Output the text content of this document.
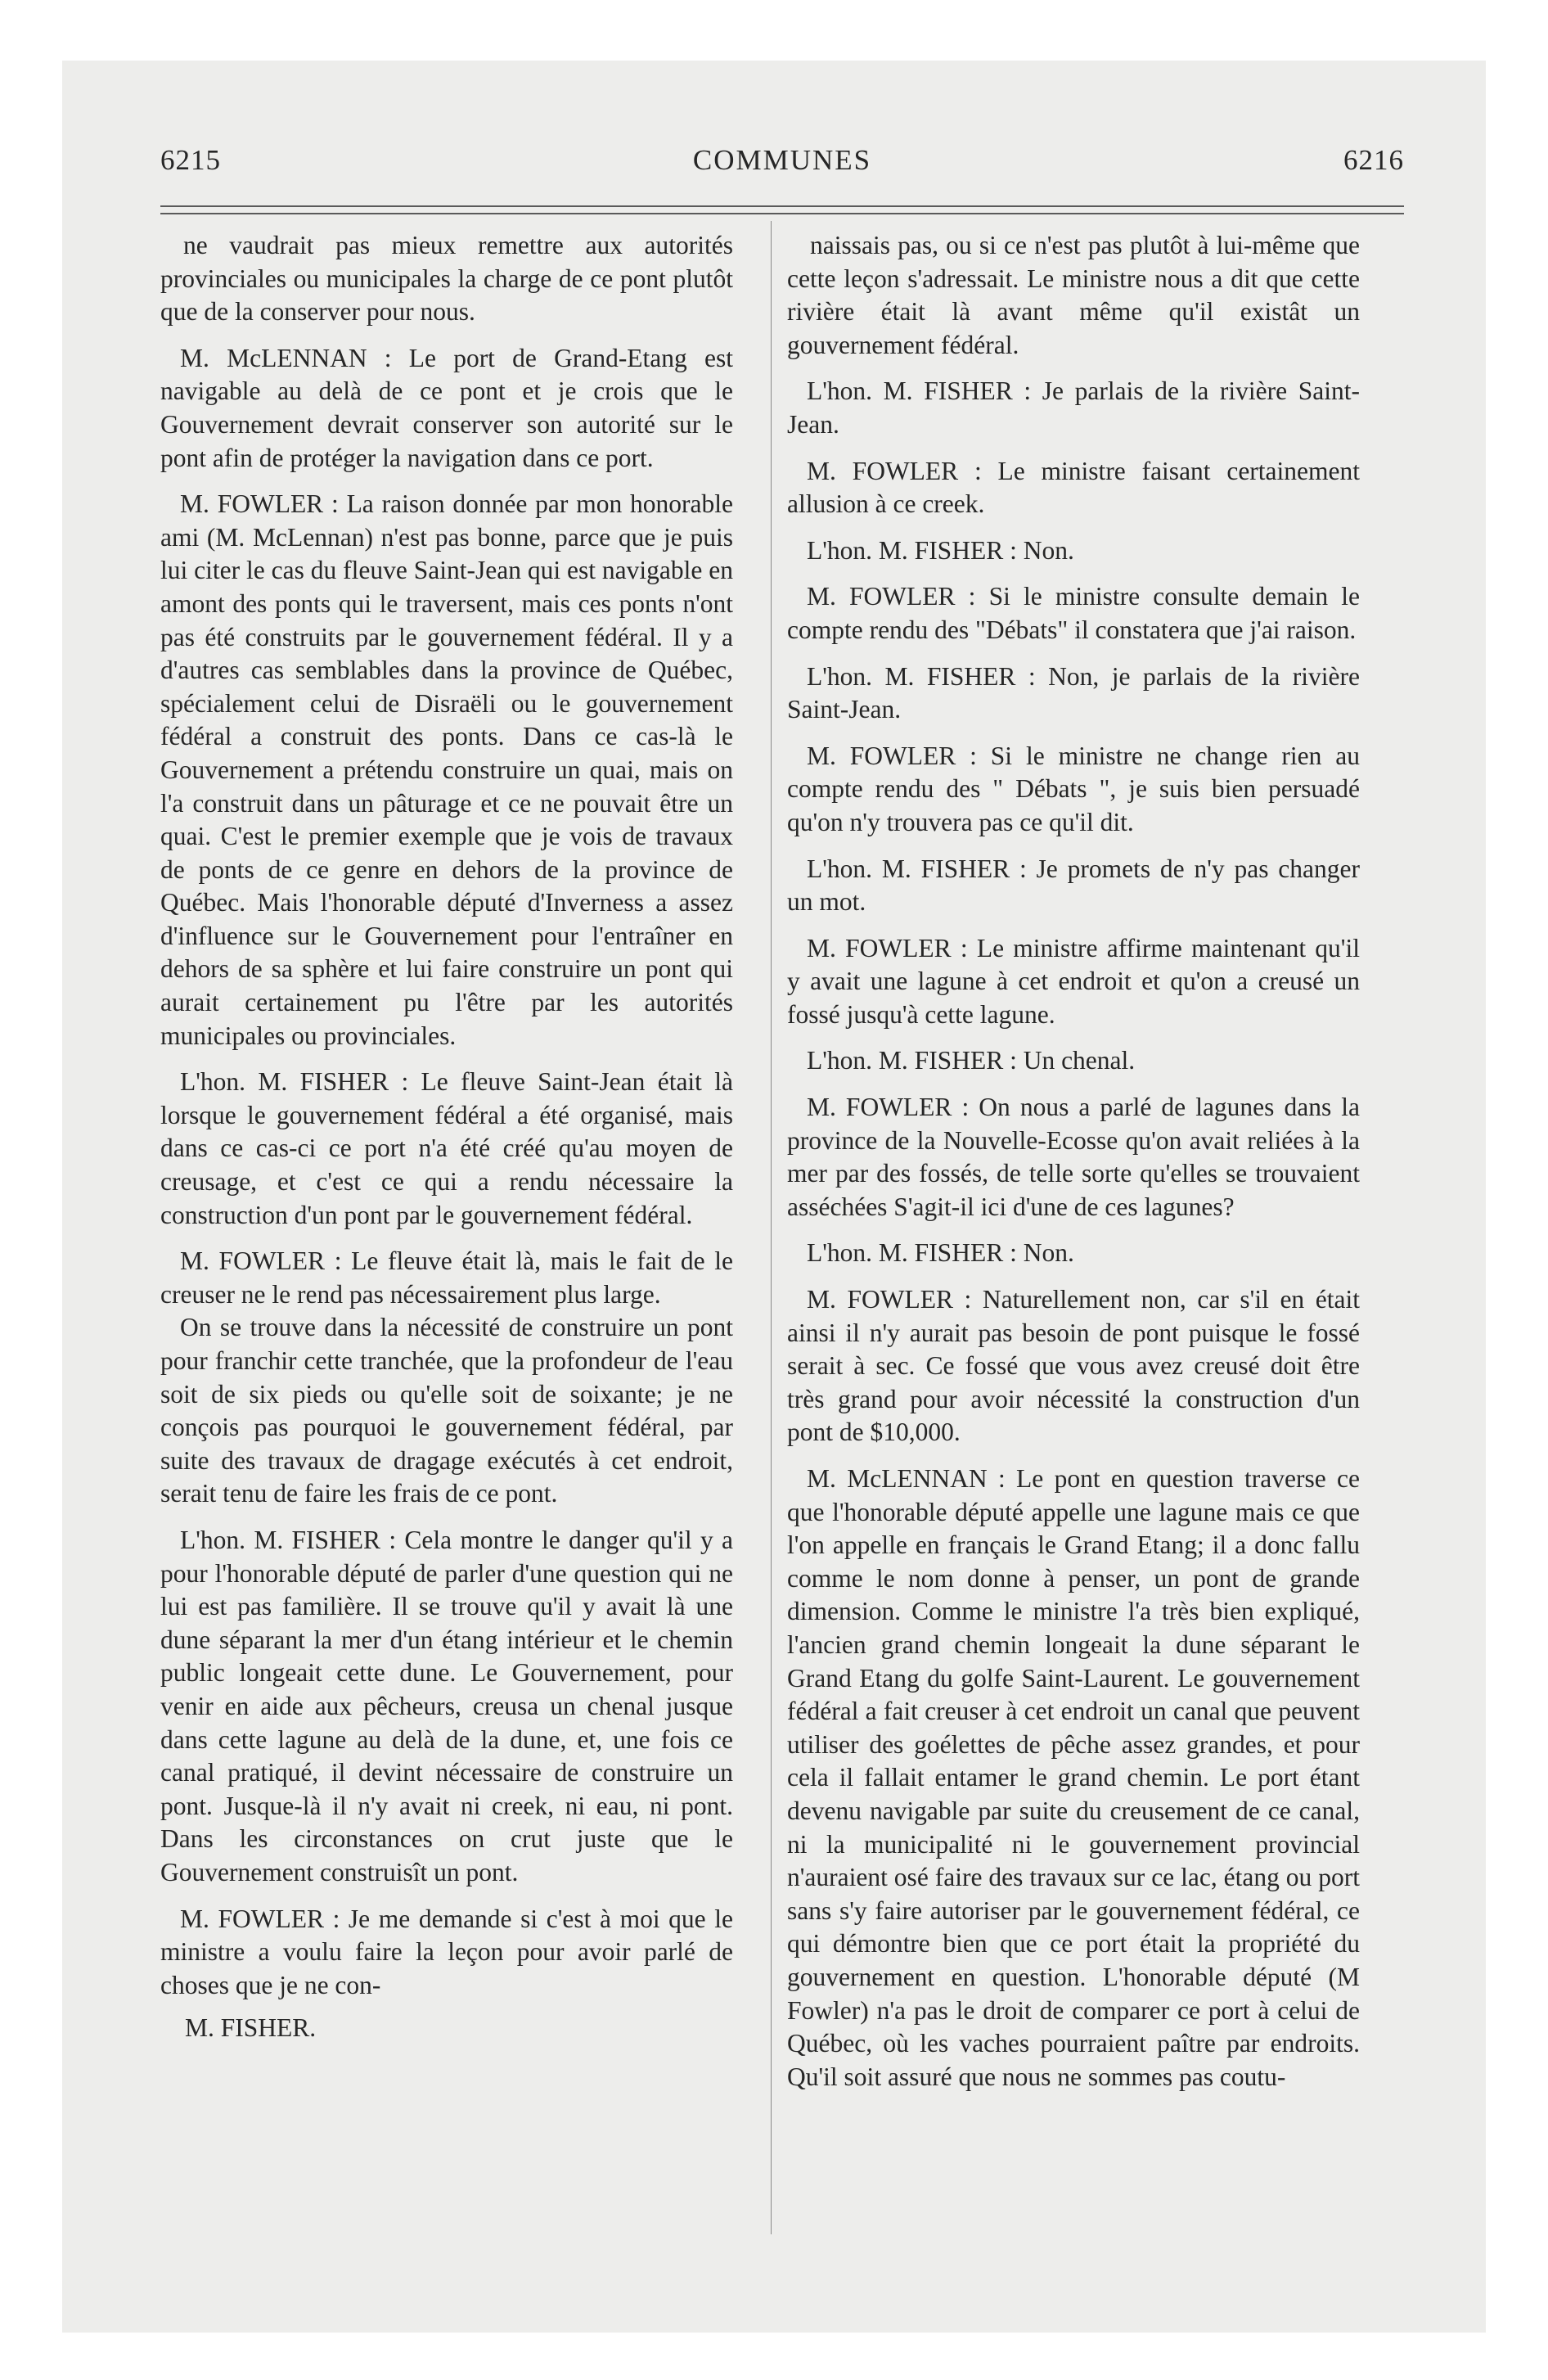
6215	COMMUNES	6216

ne vaudrait pas mieux remettre aux autorités provinciales ou municipales la charge de ce pont plutôt que de la conserver pour nous.

M. McLENNAN : Le port de Grand-Etang est navigable au delà de ce pont et je crois que le Gouvernement devrait conserver son autorité sur le pont afin de protéger la navigation dans ce port.

M. FOWLER : La raison donnée par mon honorable ami (M. McLennan) n'est pas bonne, parce que je puis lui citer le cas du fleuve Saint-Jean qui est navigable en amont des ponts qui le traversent, mais ces ponts n'ont pas été construits par le gouvernement fédéral. Il y a d'autres cas semblables dans la province de Québec, spécialement celui de Disraëli ou le gouvernement fédéral a construit des ponts. Dans ce cas-là le Gouvernement a prétendu construire un quai, mais on l'a construit dans un pâturage et ce ne pouvait être un quai. C'est le premier exemple que je vois de travaux de ponts de ce genre en dehors de la province de Québec. Mais l'honorable député d'Inverness a assez d'influence sur le Gouvernement pour l'entraîner en dehors de sa sphère et lui faire construire un pont qui aurait certainement pu l'être par les autorités municipales ou provinciales.

L'hon. M. FISHER : Le fleuve Saint-Jean était là lorsque le gouvernement fédéral a été organisé, mais dans ce cas-ci ce port n'a été créé qu'au moyen de creusage, et c'est ce qui a rendu nécessaire la construction d'un pont par le gouvernement fédéral.

M. FOWLER : Le fleuve était là, mais le fait de le creuser ne le rend pas nécessairement plus large.

On se trouve dans la nécessité de construire un pont pour franchir cette tranchée, que la profondeur de l'eau soit de six pieds ou qu'elle soit de soixante; je ne conçois pas pourquoi le gouvernement fédéral, par suite des travaux de dragage exécutés à cet endroit, serait tenu de faire les frais de ce pont.

L'hon. M. FISHER : Cela montre le danger qu'il y a pour l'honorable député de parler d'une question qui ne lui est pas familière. Il se trouve qu'il y avait là une dune séparant la mer d'un étang intérieur et le chemin public longeait cette dune. Le Gouvernement, pour venir en aide aux pêcheurs, creusa un chenal jusque dans cette lagune au delà de la dune, et, une fois ce canal pratiqué, il devint nécessaire de construire un pont. Jusque-là il n'y avait ni creek, ni eau, ni pont. Dans les circonstances on crut juste que le Gouvernement construisît un pont.

M. FOWLER : Je me demande si c'est à moi que le ministre a voulu faire la leçon pour avoir parlé de choses que je ne con-

M. FISHER.

naissais pas, ou si ce n'est pas plutôt à lui-même que cette leçon s'adressait. Le ministre nous a dit que cette rivière était là avant même qu'il existât un gouvernement fédéral.

L'hon. M. FISHER : Je parlais de la rivière Saint-Jean.

M. FOWLER : Le ministre faisant certainement allusion à ce creek.

L'hon. M. FISHER : Non.

M. FOWLER : Si le ministre consulte demain le compte rendu des "Débats" il constatera que j'ai raison.

L'hon. M. FISHER : Non, je parlais de la rivière Saint-Jean.

M. FOWLER : Si le ministre ne change rien au compte rendu des " Débats ", je suis bien persuadé qu'on n'y trouvera pas ce qu'il dit.

L'hon. M. FISHER : Je promets de n'y pas changer un mot.

M. FOWLER : Le ministre affirme maintenant qu'il y avait une lagune à cet endroit et qu'on a creusé un fossé jusqu'à cette lagune.

L'hon. M. FISHER : Un chenal.

M. FOWLER : On nous a parlé de lagunes dans la province de la Nouvelle-Ecosse qu'on avait reliées à la mer par des fossés, de telle sorte qu'elles se trouvaient asséchées S'agit-il ici d'une de ces lagunes?

L'hon. M. FISHER : Non.

M. FOWLER : Naturellement non, car s'il en était ainsi il n'y aurait pas besoin de pont puisque le fossé serait à sec. Ce fossé que vous avez creusé doit être très grand pour avoir nécessité la construction d'un pont de $10,000.

M. McLENNAN : Le pont en question traverse ce que l'honorable député appelle une lagune mais ce que l'on appelle en français le Grand Etang; il a donc fallu comme le nom donne à penser, un pont de grande dimension. Comme le ministre l'a très bien expliqué, l'ancien grand chemin longeait la dune séparant le Grand Etang du golfe Saint-Laurent. Le gouvernement fédéral a fait creuser à cet endroit un canal que peuvent utiliser des goélettes de pêche assez grandes, et pour cela il fallait entamer le grand chemin. Le port étant devenu navigable par suite du creusement de ce canal, ni la municipalité ni le gouvernement provincial n'auraient osé faire des travaux sur ce lac, étang ou port sans s'y faire autoriser par le gouvernement fédéral, ce qui démontre bien que ce port était la propriété du gouvernement en question. L'honorable député (M Fowler) n'a pas le droit de comparer ce port à celui de Québec, où les vaches pourraient paître par endroits. Qu'il soit assuré que nous ne sommes pas coutu-
